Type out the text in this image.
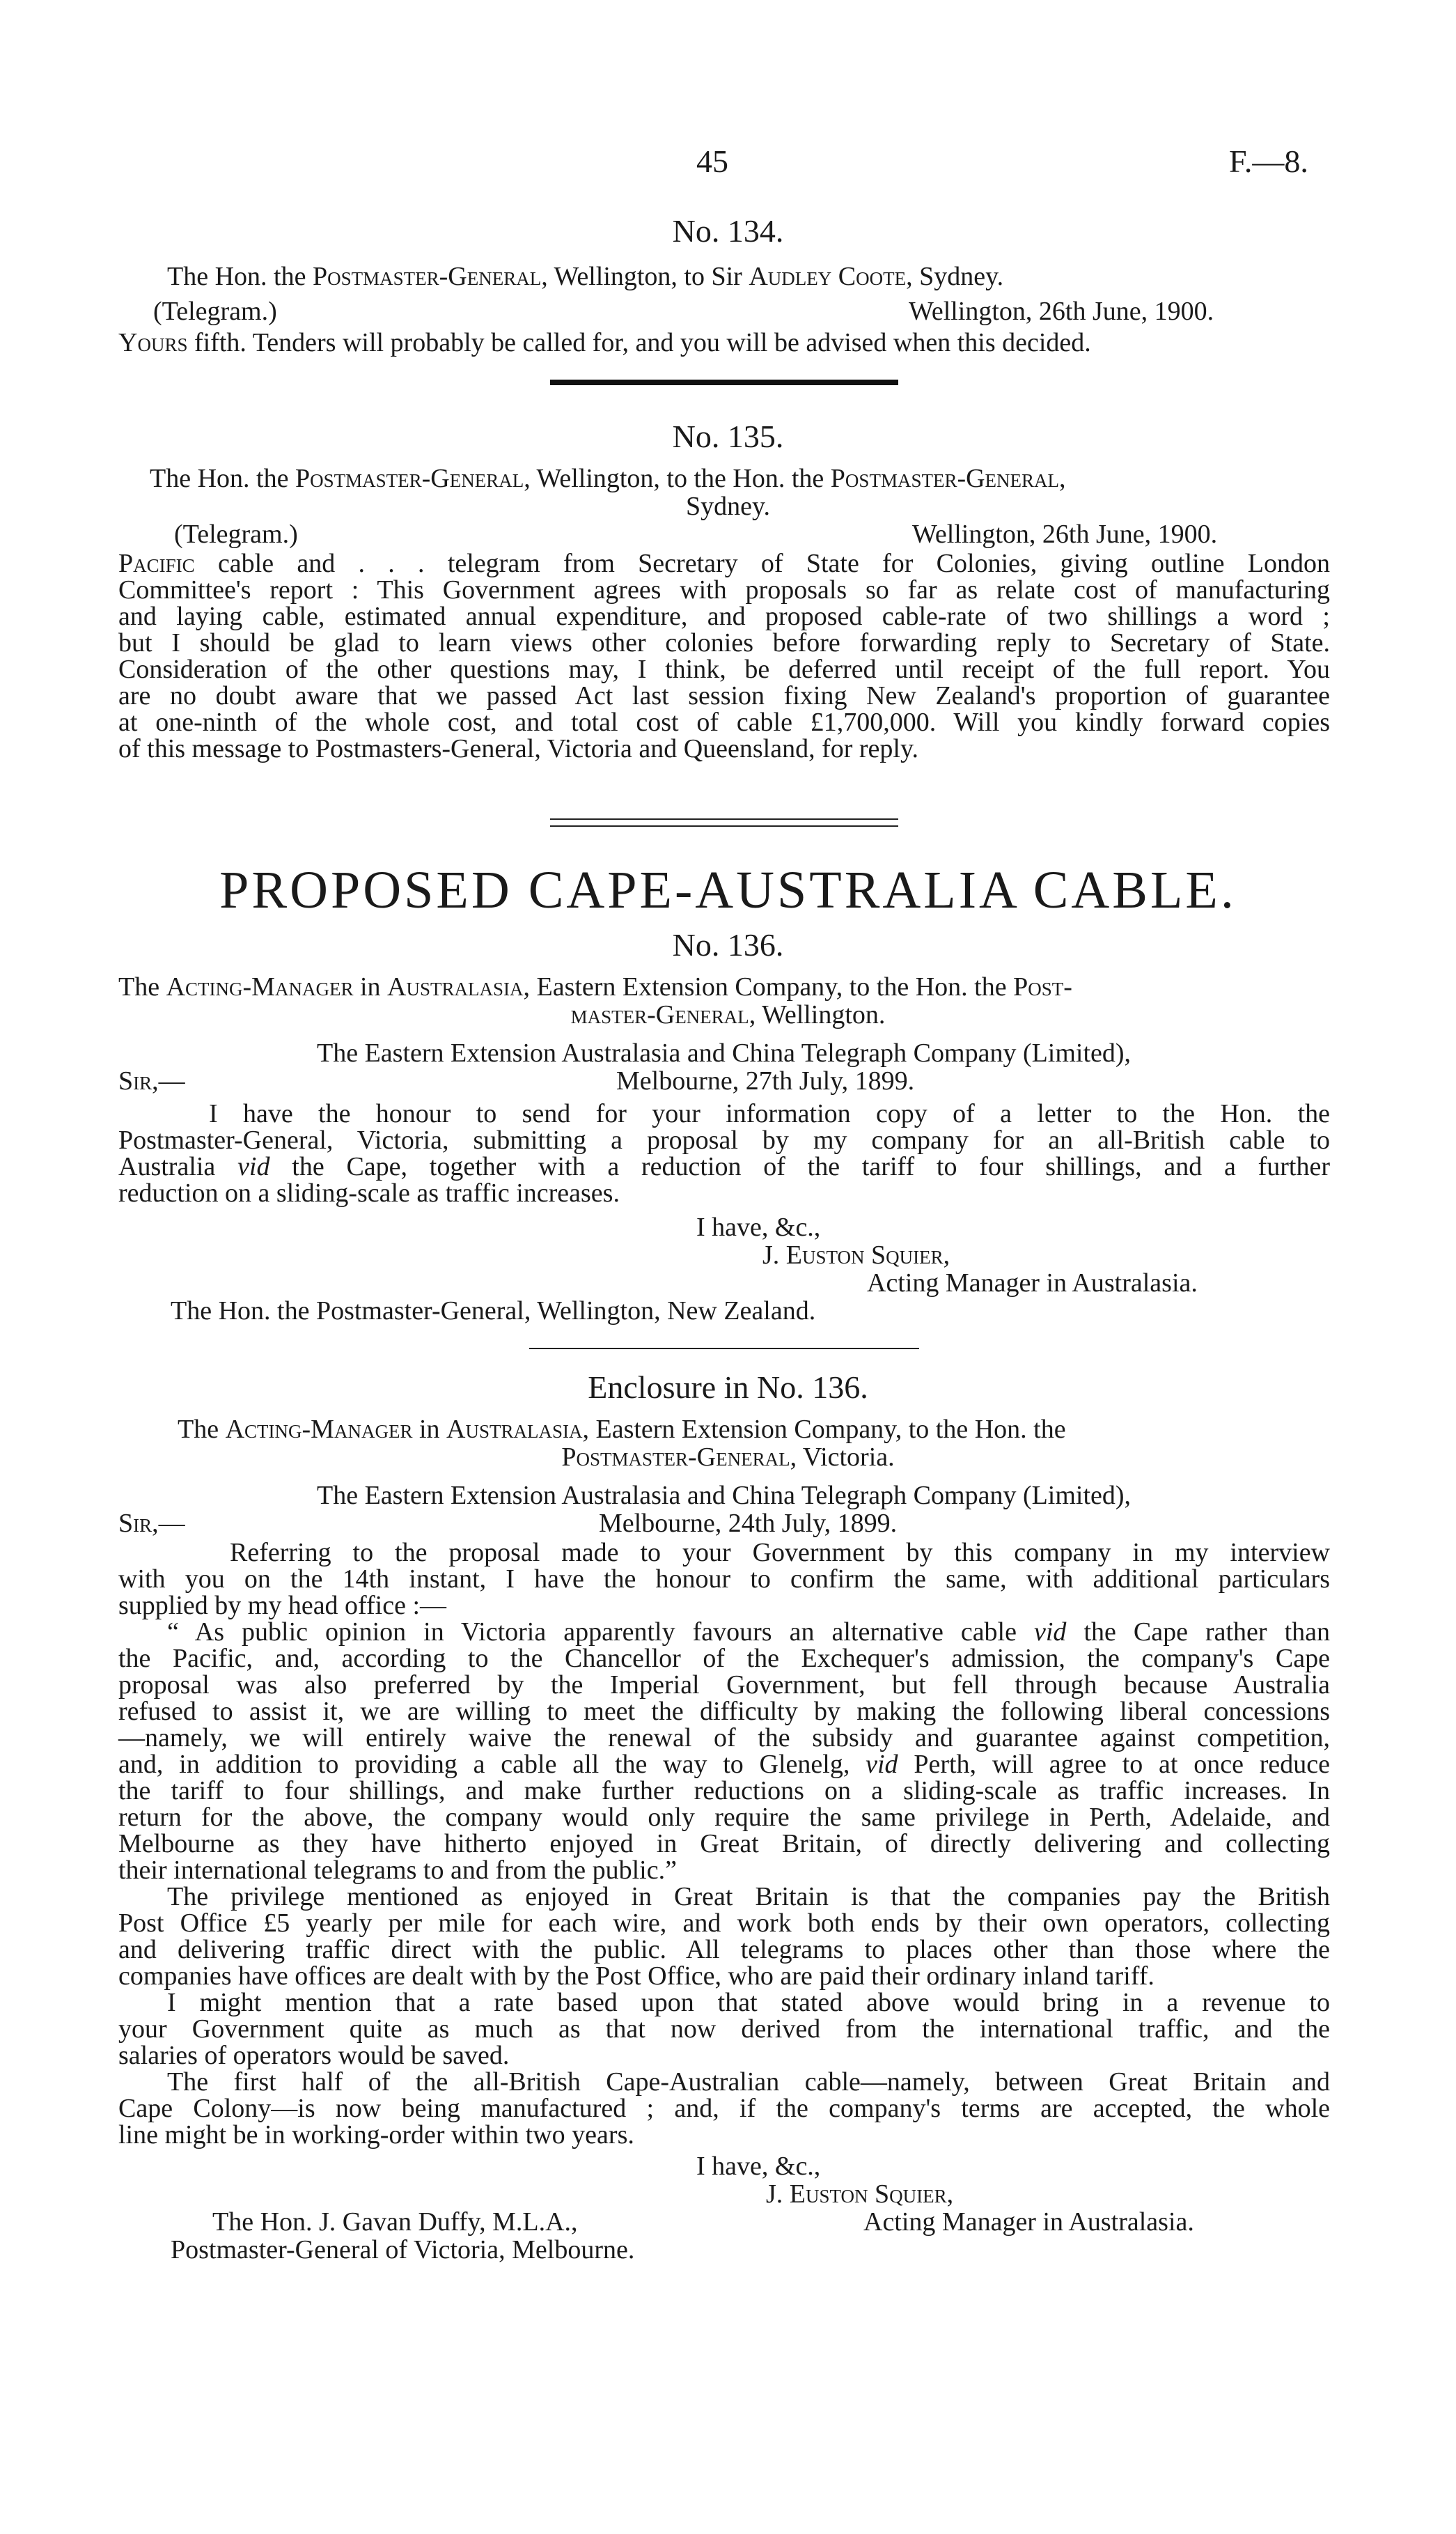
45	F.—8.
No. 134.
The Hon. the Postmaster-General, Wellington, to Sir Audley Coote, Sydney.
(Telegram.)	Wellington, 26th June, 1900.
Yours fifth. Tenders will probably be called for, and you will be advised when this decided.
No. 135.
The Hon. the Postmaster-General, Wellington, to the Hon. the Postmaster-General,
Sydney.
(Telegram.)	Wellington, 26th June, 1900.
Pacific cable and . . . telegram from Secretary of State for Colonies, giving outline London
Committee's report : This Government agrees with proposals so far as relate cost of manufacturing
and laying cable, estimated annual expenditure, and proposed cable-rate of two shillings a word ;
but I should be glad to learn views other colonies before forwarding reply to Secretary of State.
Consideration of the other questions may, I think, be deferred until receipt of the full report. You
are no doubt aware that we passed Act last session fixing New Zealand's proportion of guarantee
at one-ninth of the whole cost, and total cost of cable £1,700,000. Will you kindly forward copies
of this message to Postmasters-General, Victoria and Queensland, for reply.
PROPOSED CAPE-AUSTRALIA CABLE.
No. 136.
The Acting-Manager in Australasia, Eastern Extension Company, to the Hon. the Post-
master-General, Wellington.
The Eastern Extension Australasia and China Telegraph Company (Limited),
Sir,—	Melbourne, 27th July, 1899.
I have the honour to send for your information copy of a letter to the Hon. the
Postmaster-General, Victoria, submitting a proposal by my company for an all-British cable to
Australia vid the Cape, together with a reduction of the tariff to four shillings, and a further
reduction on a sliding-scale as traffic increases.
I have, &c.,
J. Euston Squier,
Acting Manager in Australasia.
The Hon. the Postmaster-General, Wellington, New Zealand.
Enclosure in No. 136.
The Acting-Manager in Australasia, Eastern Extension Company, to the Hon. the
Postmaster-General, Victoria.
The Eastern Extension Australasia and China Telegraph Company (Limited),
Sir,—	Melbourne, 24th July, 1899.
Referring to the proposal made to your Government by this company in my interview
with you on the 14th instant, I have the honour to confirm the same, with additional particulars
supplied by my head office :—
“ As public opinion in Victoria apparently favours an alternative cable vid the Cape rather than
the Pacific, and, according to the Chancellor of the Exchequer's admission, the company's Cape
proposal was also preferred by the Imperial Government, but fell through because Australia
refused to assist it, we are willing to meet the difficulty by making the following liberal concessions
—namely, we will entirely waive the renewal of the subsidy and guarantee against competition,
and, in addition to providing a cable all the way to Glenelg, vid Perth, will agree to at once reduce
the tariff to four shillings, and make further reductions on a sliding-scale as traffic increases. In
return for the above, the company would only require the same privilege in Perth, Adelaide, and
Melbourne as they have hitherto enjoyed in Great Britain, of directly delivering and collecting
their international telegrams to and from the public.”
The privilege mentioned as enjoyed in Great Britain is that the companies pay the British
Post Office £5 yearly per mile for each wire, and work both ends by their own operators, collecting
and delivering traffic direct with the public. All telegrams to places other than those where the
companies have offices are dealt with by the Post Office, who are paid their ordinary inland tariff.
I might mention that a rate based upon that stated above would bring in a revenue to
your Government quite as much as that now derived from the international traffic, and the
salaries of operators would be saved.
The first half of the all-British Cape-Australian cable—namely, between Great Britain and
Cape Colony—is now being manufactured ; and, if the company's terms are accepted, the whole
line might be in working-order within two years.
I have, &c.,
J. Euston Squier,
The Hon. J. Gavan Duffy, M.L.A.,	Acting Manager in Australasia.
Postmaster-General of Victoria, Melbourne.
